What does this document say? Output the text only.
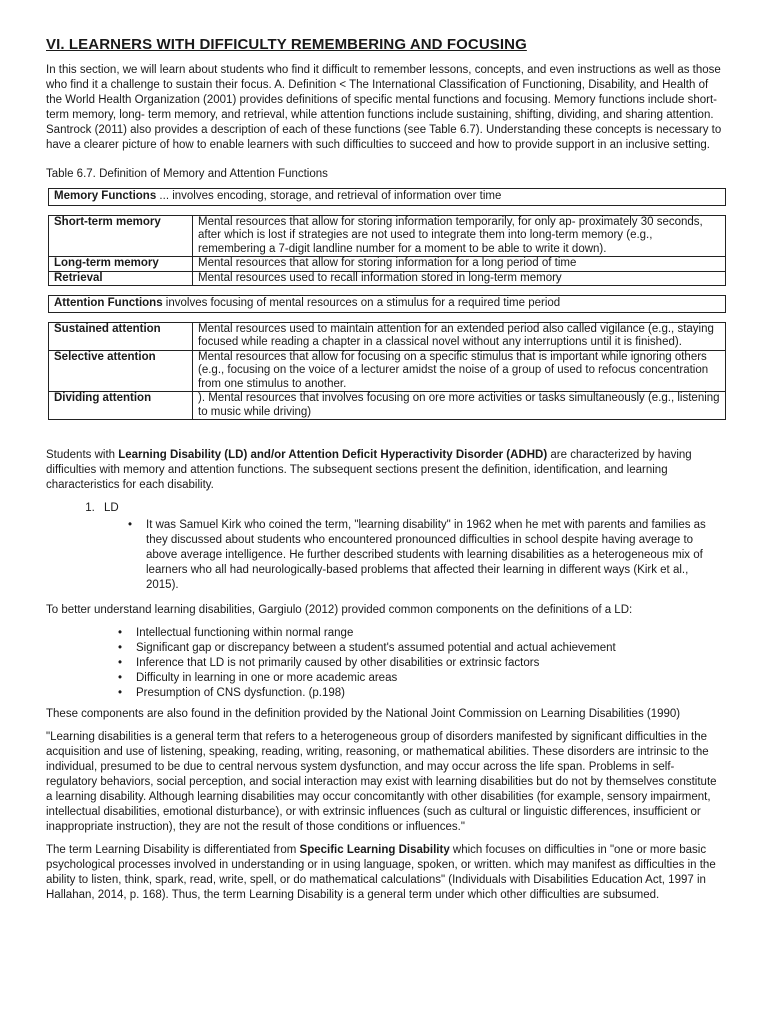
VI. LEARNERS WITH DIFFICULTY REMEMBERING AND FOCUSING

In this section, we will learn about students who find it difficult to remember lessons, concepts, and even instructions as well as those who find it a challenge to sustain their focus. A. Definition < The International Classification of Functioning, Disability, and Health of the World Health Organization (2001) provides definitions of specific mental functions and focusing. Memory functions include short-term memory, long- term memory, and retrieval, while attention functions include sustaining, shifting, dividing, and sharing attention. Santrock (2011) also provides a description of each of these functions (see Table 6.7). Understanding these concepts is necessary to have a clearer picture of how to enable learners with such difficulties to succeed and how to provide support in an inclusive setting.

Table 6.7. Definition of Memory and Attention Functions

Memory Functions ... involves encoding, storage, and retrieval of information over time
Short-term memory	Mental resources that allow for storing information temporarily, for only ap- proximately 30 seconds, after which is lost if strategies are not used to integrate them into long-term memory (e.g., remembering a 7-digit landline number for a moment to be able to write it down).
Long-term memory	Mental resources that allow for storing information for a long period of time
Retrieval	Mental resources used to recall information stored in long-term memory
Attention Functions involves focusing of mental resources on a stimulus for a required time period
Sustained attention	Mental resources used to maintain attention for an extended period also called vigilance (e.g., staying focused while reading a chapter in a classical novel without any interruptions until it is finished).
Selective attention	Mental resources that allow for focusing on a specific stimulus that is important while ignoring others (e.g., focusing on the voice of a lecturer amidst the noise of a group of used to refocus concentration from one stimulus to another.
Dividing attention	). Mental resources that involves focusing on ore more activities or tasks simultaneously (e.g., listening to music while driving)

Students with Learning Disability (LD) and/or Attention Deficit Hyperactivity Disorder (ADHD) are characterized by having difficulties with memory and attention functions. The subsequent sections present the definition, identification, and learning characteristics for each disability.

1. LD
• It was Samuel Kirk who coined the term, "learning disability" in 1962 when he met with parents and families as they discussed about students who encountered pronounced difficulties in school despite having average to above average intelligence. He further described students with learning disabilities as a heterogeneous mix of learners who all had neurologically-based problems that affected their learning in different ways (Kirk et al., 2015).

To better understand learning disabilities, Gargiulo (2012) provided common components on the definitions of a LD:

• Intellectual functioning within normal range
• Significant gap or discrepancy between a student's assumed potential and actual achievement
• Inference that LD is not primarily caused by other disabilities or extrinsic factors
• Difficulty in learning in one or more academic areas
• Presumption of CNS dysfunction. (p.198)

These components are also found in the definition provided by the National Joint Commission on Learning Disabilities (1990)

"Learning disabilities is a general term that refers to a heterogeneous group of disorders manifested by significant difficulties in the acquisition and use of listening, speaking, reading, writing, reasoning, or mathematical abilities. These disorders are intrinsic to the individual, presumed to be due to central nervous system dysfunction, and may occur across the life span. Problems in self- regulatory behaviors, social perception, and social interaction may exist with learning disabilities but do not by themselves constitute a learning disability. Although learning disabilities may occur concomitantly with other disabilities (for example, sensory impairment, intellectual disabilities, emotional disturbance), or with extrinsic influences (such as cultural or linguistic differences, insufficient or inappropriate instruction), they are not the result of those conditions or influences."

The term Learning Disability is differentiated from Specific Learning Disability which focuses on difficulties in "one or more basic psychological processes involved in understanding or in using language, spoken, or written. which may manifest as difficulties in the ability to listen, think, spark, read, write, spell, or do mathematical calculations" (Individuals with Disabilities Education Act, 1997 in Hallahan, 2014, p. 168). Thus, the term Learning Disability is a general term under which other difficulties are subsumed.
